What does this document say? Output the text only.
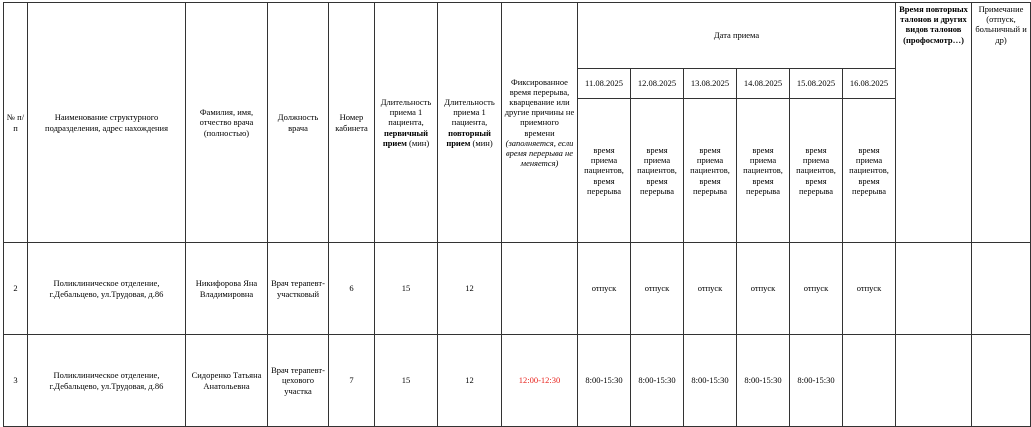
№ п/п	Наименование структурного подразделения, адрес нахождения	Фамилия, имя, отчество врача (полностью)	Должность врача	Номер кабинета	Длительность приема 1 пациента, первичный прием (мин)	Длительность приема 1 пациента, повторный прием (мин)	Фиксированное время перерыва, кварцевание или другие причины не приемного времени
(заполняется, если время перерыва не меняется)	Дата приема						Время повторных талонов и других видов талонов (профосмотр…)	Примечание (отпуск, больничный и др)
								11.08.2025	12.08.2025	13.08.2025	14.08.2025	15.08.2025	16.08.2025		
								время приема пациентов, время перерыва	время приема пациентов, время перерыва	время приема пациентов, время перерыва	время приема пациентов, время перерыва	время приема пациентов, время перерыва	время приема пациентов, время перерыва		
2	Поликлиническое отделение, г.Дебальцево, ул.Трудовая, д.86	Никифорова Яна Владимировна	Врач терапевт-участковый	6	15	12		отпуск	отпуск	отпуск	отпуск	отпуск	отпуск		
3	Поликлиническое отделение, г.Дебальцево, ул.Трудовая, д.86	Сидоренко Татьяна Анатольевна	Врач терапевт-цехового участка	7	15	12	12:00-12:30	8:00-15:30	8:00-15:30	8:00-15:30	8:00-15:30	8:00-15:30			
